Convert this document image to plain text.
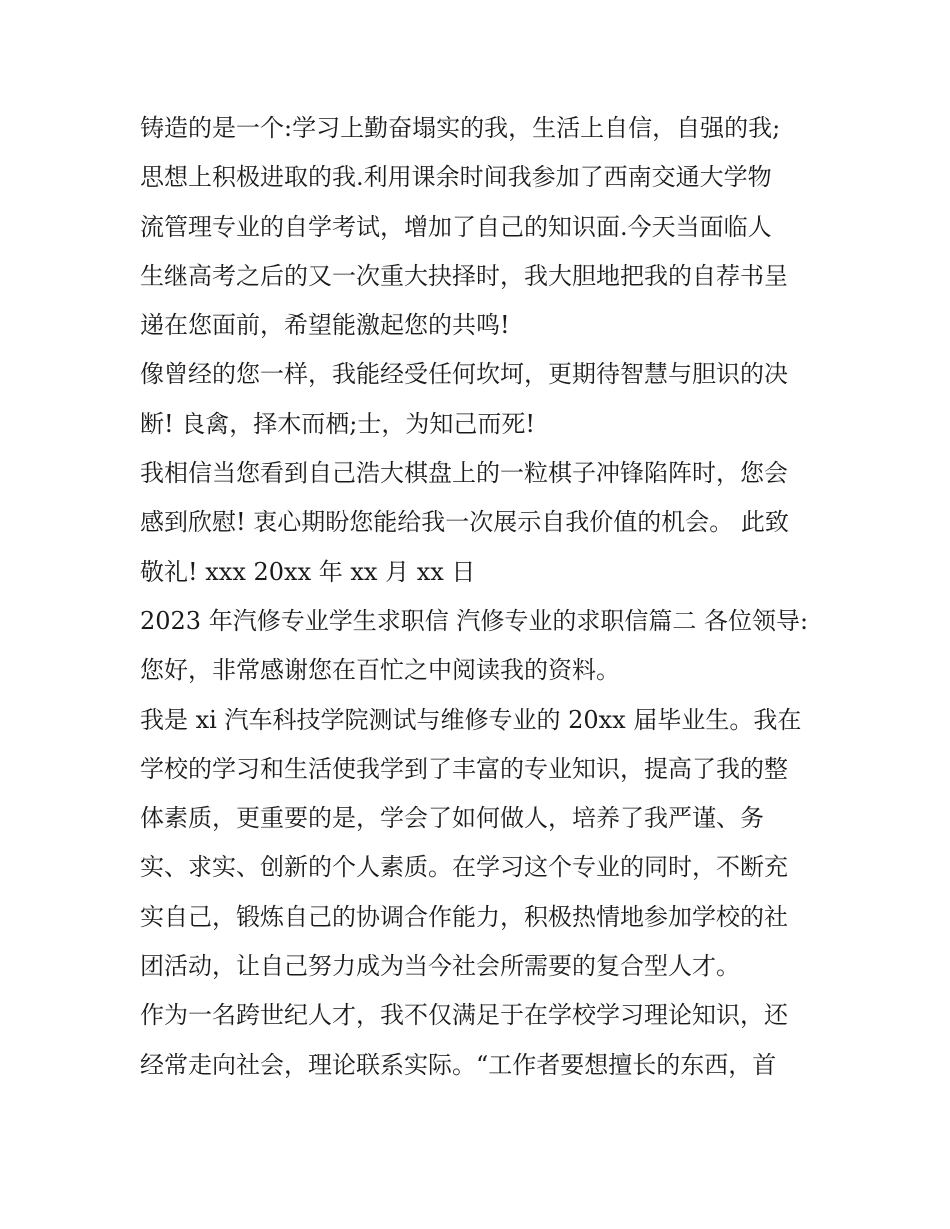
铸造的是一个:学习上勤奋塌实的我，生活上自信，自强的我;
思想上积极进取的我.利用课余时间我参加了西南交通大学物
流管理专业的自学考试，增加了自己的知识面.今天当面临人
生继高考之后的又一次重大抉择时，我大胆地把我的自荐书呈
递在您面前，希望能激起您的共鸣!
像曾经的您一样，我能经受任何坎坷，更期待智慧与胆识的决
断! 良禽，择木而栖;士，为知己而死!
我相信当您看到自己浩大棋盘上的一粒棋子冲锋陷阵时，您会
感到欣慰! 衷心期盼您能给我一次展示自我价值的机会。 此致
敬礼! xxx 20xx 年 xx 月 xx 日
2023 年汽修专业学生求职信 汽修专业的求职信篇二 各位领导:
您好，非常感谢您在百忙之中阅读我的资料。
我是 xi 汽车科技学院测试与维修专业的 20xx 届毕业生。我在
学校的学习和生活使我学到了丰富的专业知识，提高了我的整
体素质，更重要的是，学会了如何做人，培养了我严谨、务
实、求实、创新的个人素质。在学习这个专业的同时，不断充
实自己，锻炼自己的协调合作能力，积极热情地参加学校的社
团活动，让自己努力成为当今社会所需要的复合型人才。
作为一名跨世纪人才，我不仅满足于在学校学习理论知识，还
经常走向社会，理论联系实际。“工作者要想擅长的东西，首
